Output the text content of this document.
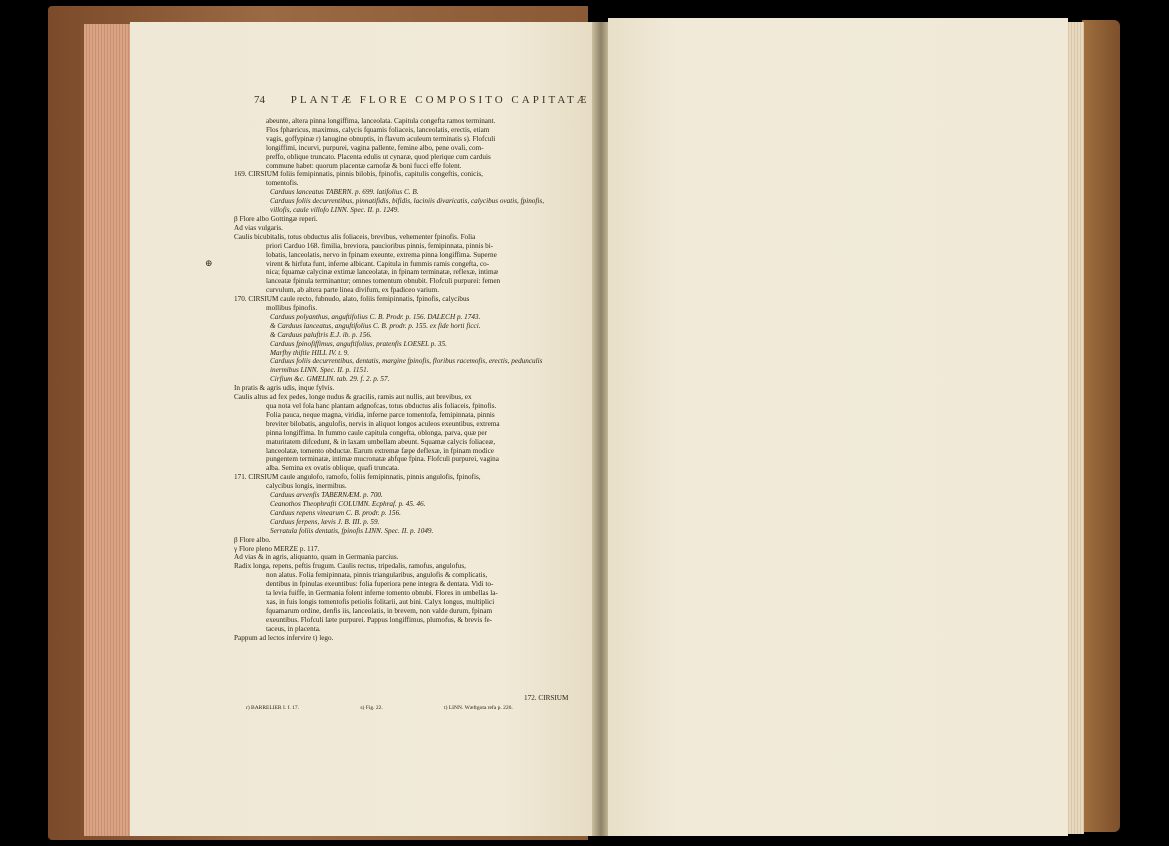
74 PLANTÆ FLORE COMPOSITO CAPITATÆ
⊕
abeunte, altera pinna longiffima, lanceolata. Capitula congefta ramos terminant.
Flos fphæricus, maximus, calycis fquamis foliaceis, lanceolatis, erectis, etiam
vagis, goffypinæ r) lanugine obnuptis, in flavum aculeum terminatis s). Flofculi
longiffimi, incurvi, purpurei, vagina pallente, femine albo, pene ovali, com-
preffo, oblique truncato. Placenta edulis ut cynaræ, quod plerique cum carduis
commune habet: quorum placentæ carnofæ & boni fucci effe folent.
169. CIRSIUM foliis femipinnatis, pinnis bilobis, fpinofis, capitulis congeftis, conicis,
tomentofis.
Carduus lanceatus TABERN. p. 699. latifolius C. B.
Carduus foliis decurrentibus, pinnatifidis, bifidis, laciniis divaricatis, calycibus ovatis, fpinofis,
villofis, caule villofo LINN. Spec. II. p. 1249.
β Flore albo Gottingæ reperi.
Ad vias vulgaris.
Caulis bicubitalis, totus obductus alis foliaceis, brevibus, vehementer fpinofis. Folia
priori Carduo 168. fimilia, breviora, paucioribus pinnis, femipinnata, pinnis bi-
lobatis, lanceolatis, nervo in fpinam exeunte, extrema pinna longiffima. Superne
virent & hirfuta funt, inferne albicant. Capitula in fummis ramis congefta, co-
nica; fquamæ calycinæ extimæ lanceolatæ, in fpinam terminatæ, reflexæ, intimæ
lanceatæ fpinula terminantur; omnes tomentum obnubit. Flofculi purpurei: femen
curvulum, ab altera parte linea divifum, ex fpadiceo varium.
170. CIRSIUM caule recto, fubnudo, alato, foliis femipinnatis, fpinofis, calycibus
mollibus fpinofis.
Carduus polyanthus, anguftifolius C. B. Prodr. p. 156. DALECH p. 1743.
& Carduus lanceatus, anguftifolius C. B. prodr. p. 155. ex fide horti ficci.
& Carduus paluftris E.J. ib. p. 156.
Carduus fpinofiffimus, anguftifolius, pratenfis LOESEL p. 35.
Marfhy thiftle HILL IV. t. 9.
Carduus foliis decurrentibus, dentatis, margine fpinofis, floribus racemofis, erectis, pedunculis
inermibus LINN. Spec. II. p. 1151.
Cirfium &c. GMELIN. tab. 29. f. 2. p. 57.
In pratis & agris udis, inque fylvis.
Caulis altus ad fex pedes, longe nudus & gracilis, ramis aut nullis, aut brevibus, ex
qua nota vel fola hanc plantam adgnofcas, totus obductus alis foliaceis, fpinofis.
Folia pauca, neque magna, viridia, inferne parce tomentofa, femipinnata, pinnis
breviter bilobatis, angulofis, nervis in aliquot longos aculeos exeuntibus, extrema
pinna longiffima. In fummo caule capitula congefta, oblonga, parva, quæ per
maturitatem difcedunt, & in laxam umbellam abeunt. Squamæ calycis foliaceæ,
lanceolatæ, tomento obductæ. Earum extremæ fæpe deflexæ, in fpinam modice
pungentem terminatæ, intimæ mucronatæ abfque fpina. Flofculi purpurei, vagina
alba. Semina ex ovatis oblique, quafi truncata.
171. CIRSIUM caule angulofo, ramofo, foliis femipinnatis, pinnis angulofis, fpinofis,
calycibus longis, inermibus.
Carduus arvenfis TABERNÆM. p. 700.
Ceanothos Theophrafti COLUMN. Ecphraf. p. 45. 46.
Carduus repens vinearum C. B. prodr. p. 156.
Carduus ferpens, lævis J. B. III. p. 59.
Serratula foliis dentatis, fpinofis LINN. Spec. II. p. 1049.
β Flore albo.
γ Flore pleno MERZE p. 117.
Ad vias & in agris, aliquanto, quam in Germania parcius.
Radix longa, repens, peftis frugum. Caulis rectus, tripedalis, ramofus, angulofus,
non alatus. Folia femipinnata, pinnis triangularibus, angulofis & complicatis,
dentibus in fpinulas exeuntibus: folia fuperiora pene integra & dentata. Vidi to-
ta levia fuiffe, in Germania folent inferne tomento obnubi. Flores in umbellas la-
xas, in fuis longis tomentofis petiolis folitarii, aut bini. Calyx longus, multiplici
fquamarum ordine, denfis iis, lanceolatis, in brevem, non valde durum, fpinam
exeuntibus. Flofculi læte purpurei. Pappus longiffimus, plumofus, & brevis fe-
taceus, in placenta.
Pappum ad lectos infervire t) lego.
172. CIRSIUM
r) BARRELIER I. f. 17.	s) Fig. 22.	t) LINN. Wæftgota refa p. 226.
